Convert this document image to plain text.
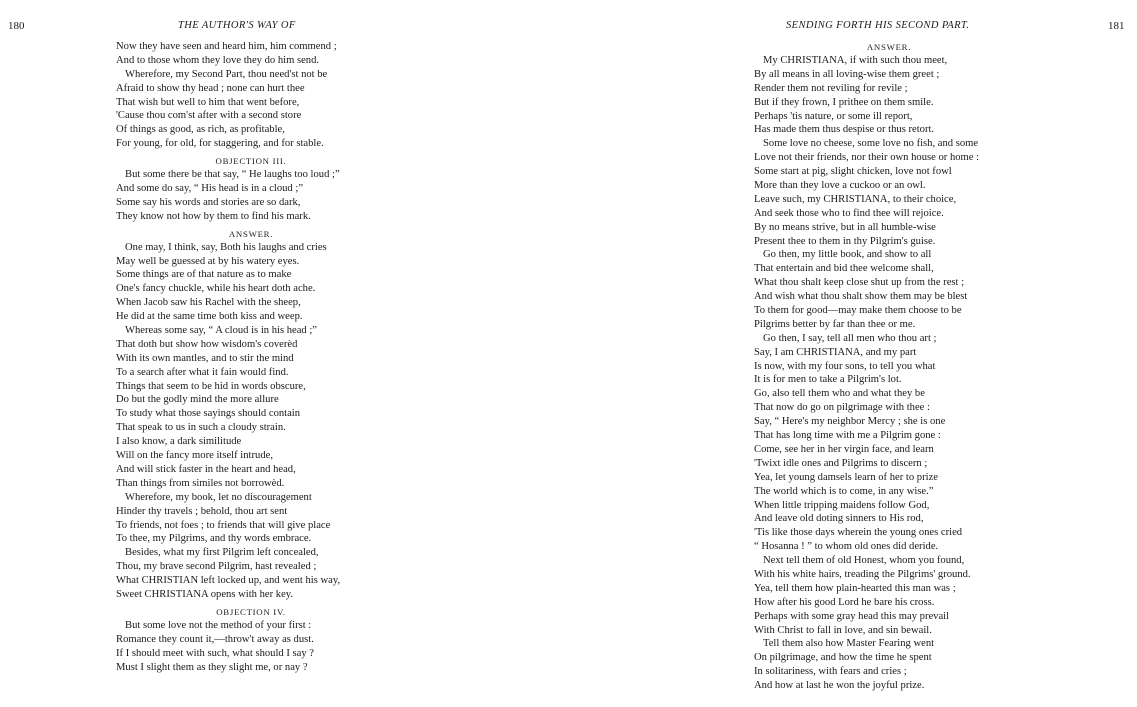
180	THE AUTHOR'S WAY OF	SENDING FORTH HIS SECOND PART.	181
Now they have seen and heard him, him commend ;
And to those whom they love they do him send.
Wherefore, my Second Part, thou need'st not be
Afraid to show thy head ; none can hurt thee
That wish but well to him that went before,
'Cause thou com'st after with a second store
Of things as good, as rich, as profitable,
For young, for old, for staggering, and for stable.
OBJECTION III.
But some there be that say, “ He laughs too loud ;”
And some do say, “ His head is in a cloud ;”
Some say his words and stories are so dark,
They know not how by them to find his mark.
ANSWER.
One may, I think, say, Both his laughs and cries
May well be guessed at by his watery eyes.
Some things are of that nature as to make
One's fancy chuckle, while his heart doth ache.
When Jacob saw his Rachel with the sheep,
He did at the same time both kiss and weep.
Whereas some say, “ A cloud is in his head ;”
That doth but show how wisdom's coverèd
With its own mantles, and to stir the mind
To a search after what it fain would find.
Things that seem to be hid in words obscure,
Do but the godly mind the more allure
To study what those sayings should contain
That speak to us in such a cloudy strain.
I also know, a dark similitude
Will on the fancy more itself intrude,
And will stick faster in the heart and head,
Than things from similes not borrowèd.
Wherefore, my book, let no discouragement
Hinder thy travels ; behold, thou art sent
To friends, not foes ; to friends that will give place
To thee, my Pilgrims, and thy words embrace.
Besides, what my first Pilgrim left concealed,
Thou, my brave second Pilgrim, hast revealed ;
What CHRISTIAN left locked up, and went his way,
Sweet CHRISTIANA opens with her key.
OBJECTION IV.
But some love not the method of your first :
Romance they count it,—throw't away as dust.
If I should meet with such, what should I say ?
Must I slight them as they slight me, or nay ?
ANSWER.
My CHRISTIANA, if with such thou meet,
By all means in all loving-wise them greet ;
Render them not reviling for revile ;
But if they frown, I prithee on them smile.
Perhaps 'tis nature, or some ill report,
Has made them thus despise or thus retort.
Some love no cheese, some love no fish, and some
Love not their friends, nor their own house or home :
Some start at pig, slight chicken, love not fowl
More than they love a cuckoo or an owl.
Leave such, my CHRISTIANA, to their choice,
And seek those who to find thee will rejoice.
By no means strive, but in all humble-wise
Present thee to them in thy Pilgrim's guise.
Go then, my little book, and show to all
That entertain and bid thee welcome shall,
What thou shalt keep close shut up from the rest ;
And wish what thou shalt show them may be blest
To them for good—may make them choose to be
Pilgrims better by far than thee or me.
Go then, I say, tell all men who thou art ;
Say, I am CHRISTIANA, and my part
Is now, with my four sons, to tell you what
It is for men to take a Pilgrim's lot.
Go, also tell them who and what they be
That now do go on pilgrimage with thee :
Say, “ Here's my neighbor Mercy ; she is one
That has long time with me a Pilgrim gone :
Come, see her in her virgin face, and learn
'Twixt idle ones and Pilgrims to discern ;
Yea, let young damsels learn of her to prize
The world which is to come, in any wise.”
When little tripping maidens follow God,
And leave old doting sinners to His rod,
'Tis like those days wherein the young ones cried
“ Hosanna ! ” to whom old ones did deride.
Next tell them of old Honest, whom you found,
With his white hairs, treading the Pilgrims' ground.
Yea, tell them how plain-hearted this man was ;
How after his good Lord he bare his cross.
Perhaps with some gray head this may prevail
With Christ to fall in love, and sin bewail.
Tell them also how Master Fearing went
On pilgrimage, and how the time he spent
In solitariness, with fears and cries ;
And how at last he won the joyful prize.
